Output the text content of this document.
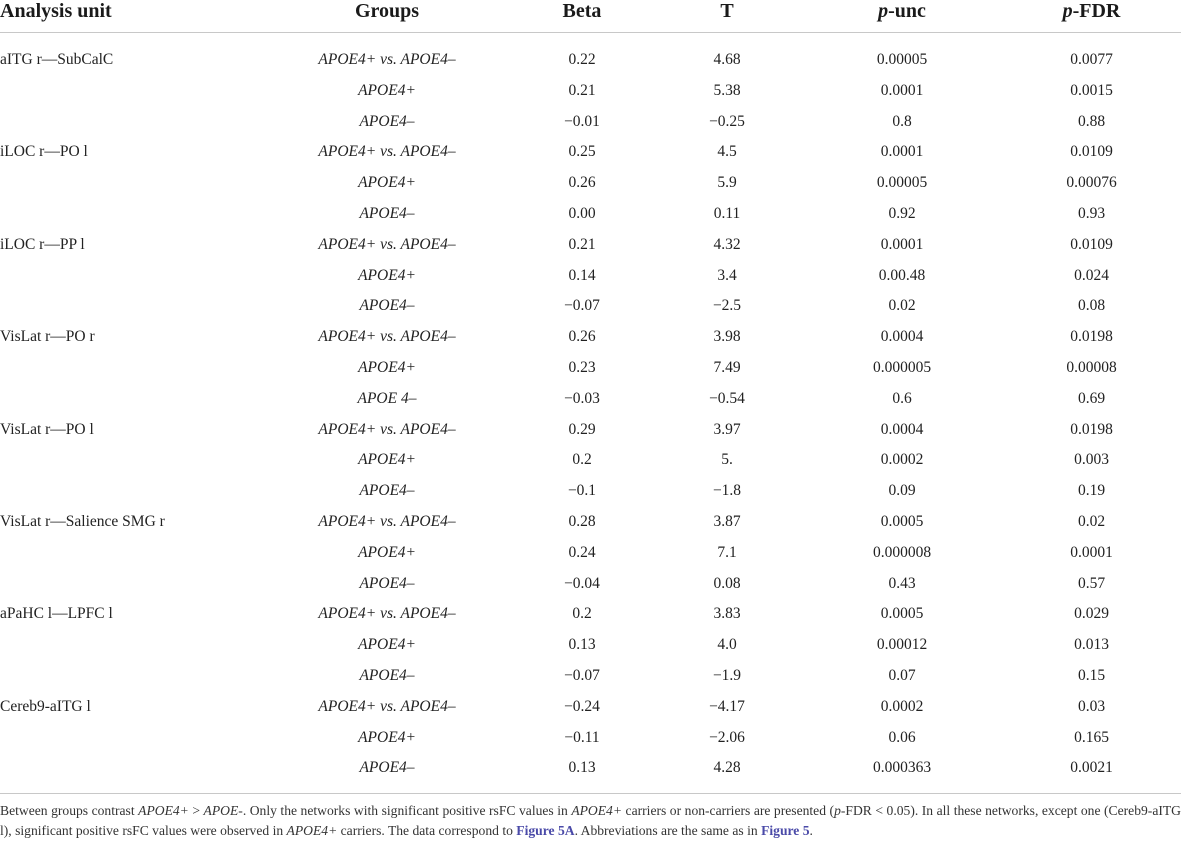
Analysis unit	Groups	Beta	T	p-unc	p-FDR

aITG r—SubCalC	APOE4+ vs. APOE4–	0.22	4.68	0.00005	0.0077
	APOE4+	0.21	5.38	0.0001	0.0015
	APOE4–	−0.01	−0.25	0.8	0.88
iLOC r—PO l	APOE4+ vs. APOE4–	0.25	4.5	0.0001	0.0109
	APOE4+	0.26	5.9	0.00005	0.00076
	APOE4–	0.00	0.11	0.92	0.93
iLOC r—PP l	APOE4+ vs. APOE4–	0.21	4.32	0.0001	0.0109
	APOE4+	0.14	3.4	0.00.48	0.024
	APOE4–	−0.07	−2.5	0.02	0.08
VisLat r—PO r	APOE4+ vs. APOE4–	0.26	3.98	0.0004	0.0198
	APOE4+	0.23	7.49	0.000005	0.00008
	APOE 4–	−0.03	−0.54	0.6	0.69
VisLat r—PO l	APOE4+ vs. APOE4–	0.29	3.97	0.0004	0.0198
	APOE4+	0.2	5.	0.0002	0.003
	APOE4–	−0.1	−1.8	0.09	0.19
VisLat r—Salience SMG r	APOE4+ vs. APOE4–	0.28	3.87	0.0005	0.02
	APOE4+	0.24	7.1	0.000008	0.0001
	APOE4–	−0.04	0.08	0.43	0.57
aPaHC l—LPFC l	APOE4+ vs. APOE4–	0.2	3.83	0.0005	0.029
	APOE4+	0.13	4.0	0.00012	0.013
	APOE4–	−0.07	−1.9	0.07	0.15
Cereb9-aITG l	APOE4+ vs. APOE4–	−0.24	−4.17	0.0002	0.03
	APOE4+	−0.11	−2.06	0.06	0.165
	APOE4–	0.13	4.28	0.000363	0.0021
Between groups contrast APOE4+ > APOE-. Only the networks with significant positive rsFC values in APOE4+ carriers or non-carriers are presented (p-FDR < 0.05). In all these networks, except one (Cereb9-aITG l), significant positive rsFC values were observed in APOE4+ carriers. The data correspond to Figure 5A. Abbreviations are the same as in Figure 5.
